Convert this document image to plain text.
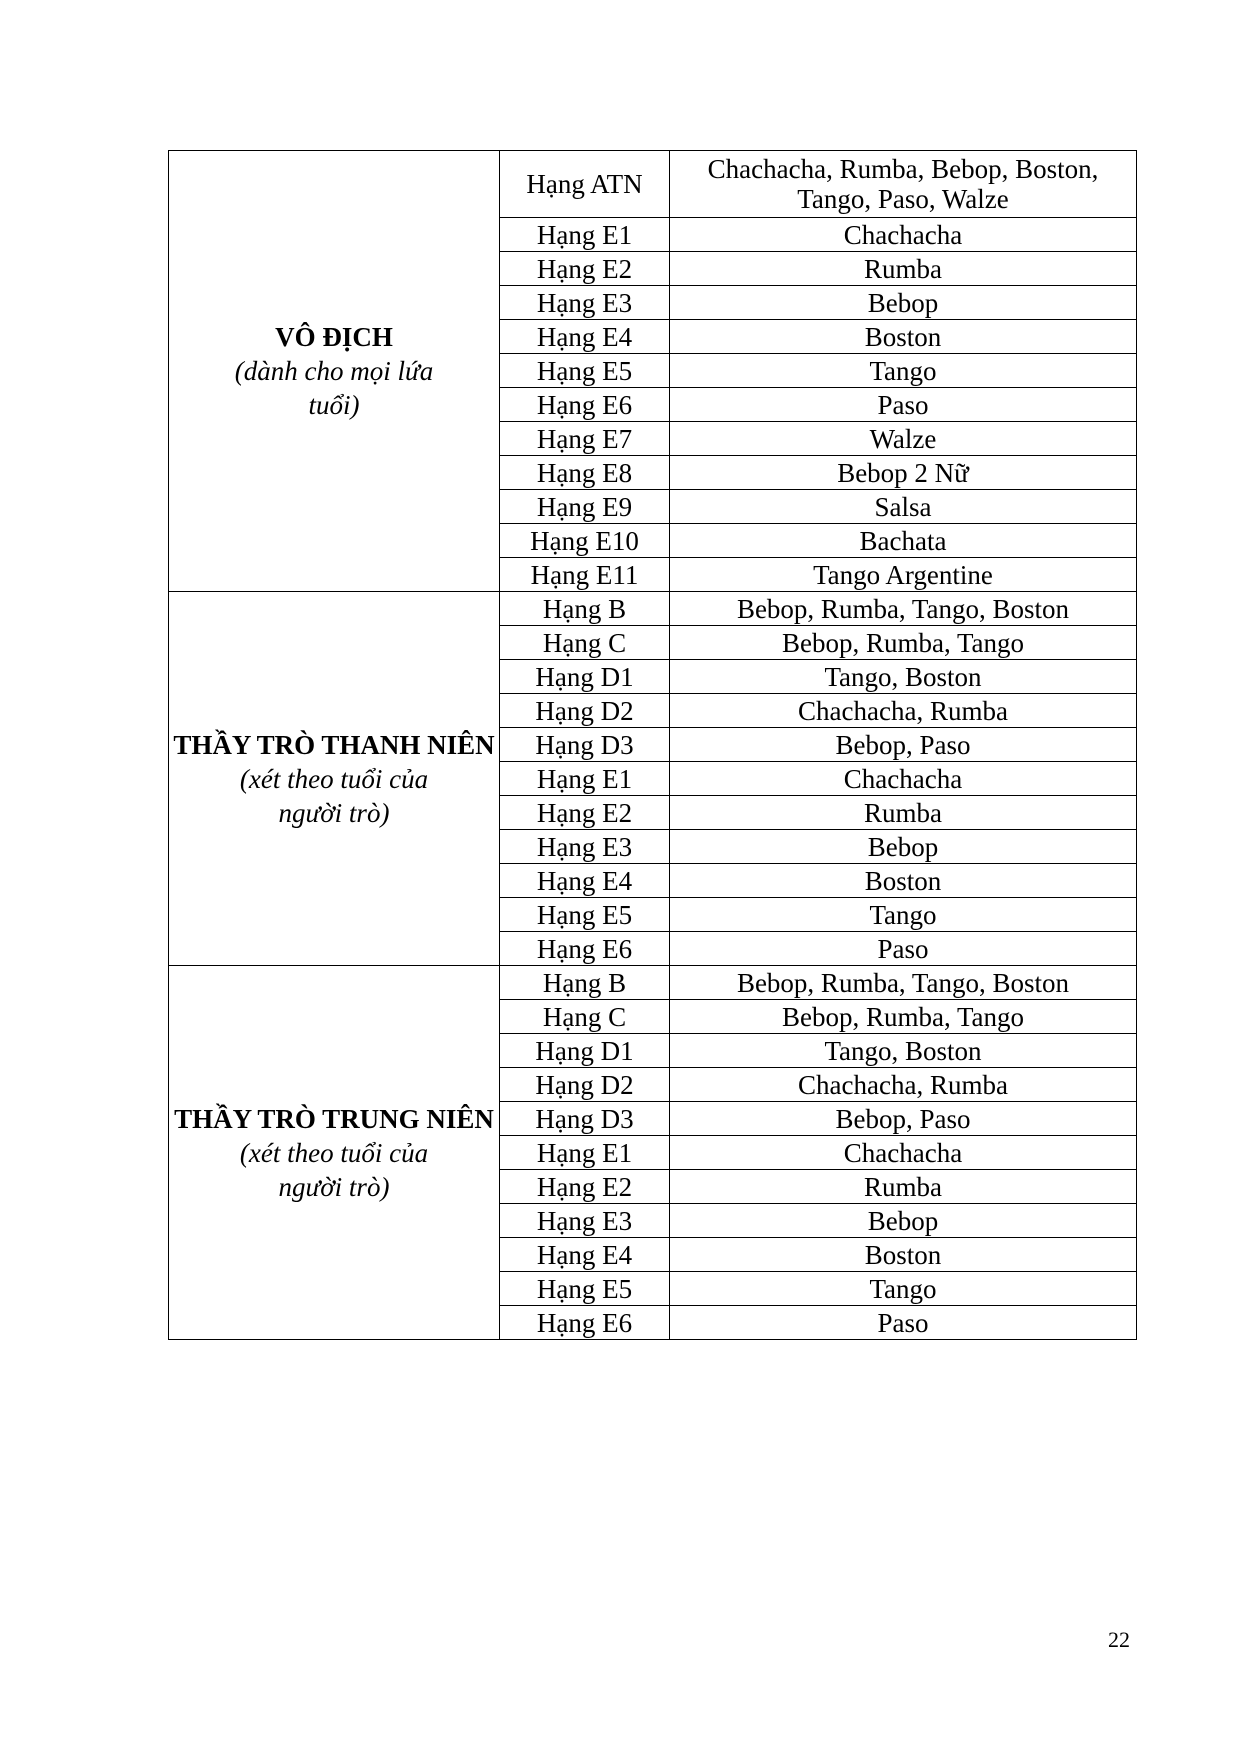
VÔ ĐỊCH
(dành cho mọi lứa tuổi)	Hạng ATN	Chachacha, Rumba, Bebop, Boston, Tango, Paso, Walze
	Hạng E1	Chachacha
	Hạng E2	Rumba
	Hạng E3	Bebop
	Hạng E4	Boston
	Hạng E5	Tango
	Hạng E6	Paso
	Hạng E7	Walze
	Hạng E8	Bebop 2 Nữ
	Hạng E9	Salsa
	Hạng E10	Bachata
	Hạng E11	Tango Argentine

THẦY TRÒ THANH NIÊN
(xét theo tuổi của người trò)	Hạng B	Bebop, Rumba, Tango, Boston
	Hạng C	Bebop, Rumba, Tango
	Hạng D1	Tango, Boston
	Hạng D2	Chachacha, Rumba
	Hạng D3	Bebop, Paso
	Hạng E1	Chachacha
	Hạng E2	Rumba
	Hạng E3	Bebop
	Hạng E4	Boston
	Hạng E5	Tango
	Hạng E6	Paso

THẦY TRÒ TRUNG NIÊN
(xét theo tuổi của người trò)	Hạng B	Bebop, Rumba, Tango, Boston
	Hạng C	Bebop, Rumba, Tango
	Hạng D1	Tango, Boston
	Hạng D2	Chachacha, Rumba
	Hạng D3	Bebop, Paso
	Hạng E1	Chachacha
	Hạng E2	Rumba
	Hạng E3	Bebop
	Hạng E4	Boston
	Hạng E5	Tango
	Hạng E6	Paso
22
